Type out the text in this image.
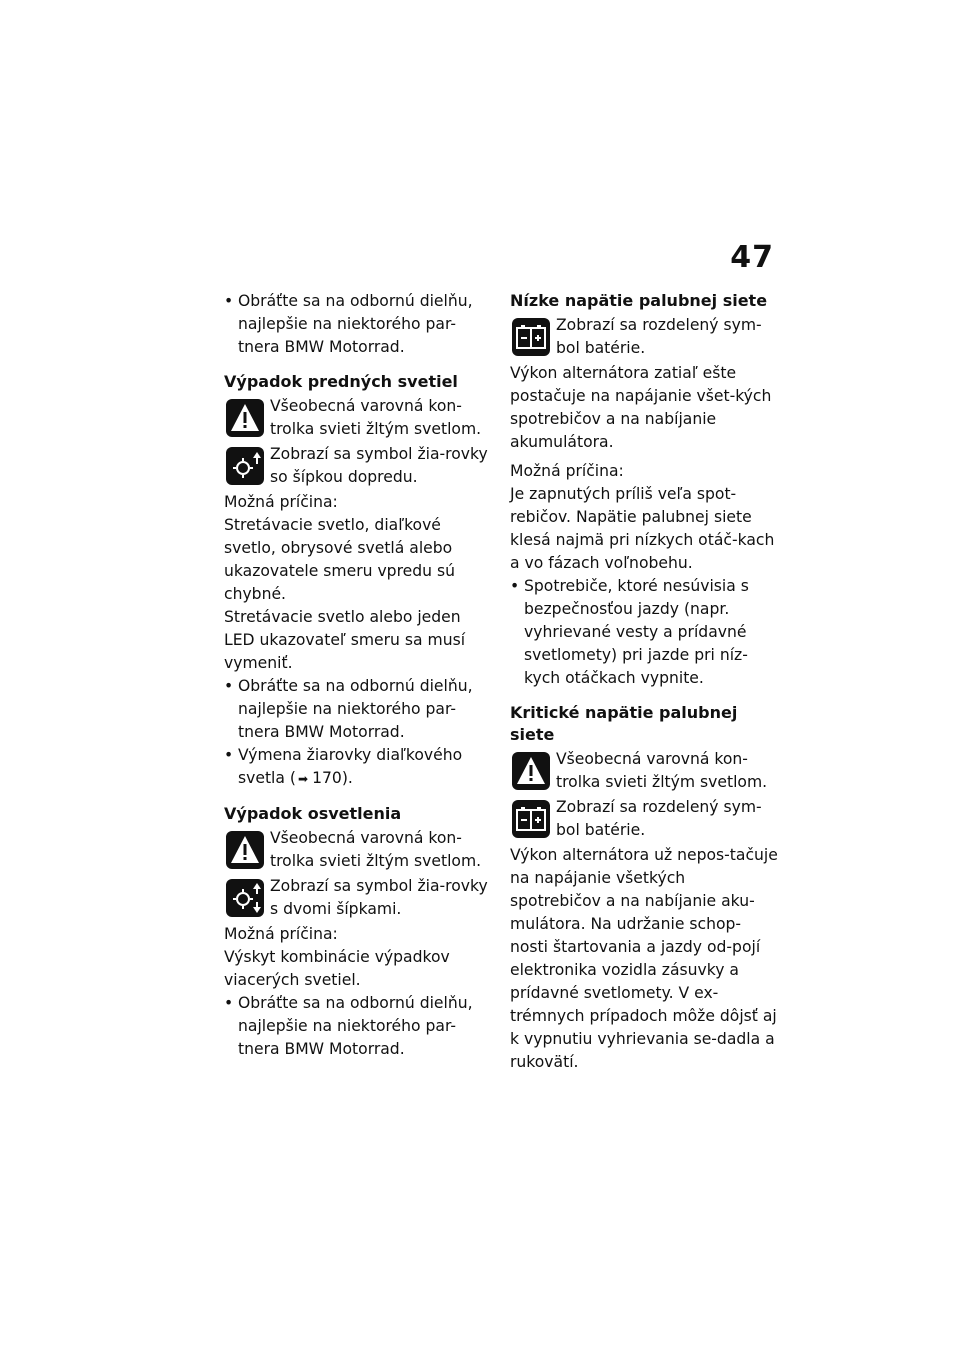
47

• Obráťte sa na odbornú dielňu, najlepšie na niektorého par-tnera BMW Motorrad.

Výpadok predných svetiel

Všeobecná varovná kon-trolka svieti žltým svetlom.

Zobrazí sa symbol žia-rovky so šípkou dopredu.

Možná príčina:

Stretávacie svetlo, diaľkové svetlo, obrysové svetlá alebo ukazovatele smeru vpredu sú chybné.

Stretávacie svetlo alebo jeden LED ukazovateľ smeru sa musí vymeniť.

• Obráťte sa na odbornú dielňu, najlepšie na niektorého par-tnera BMW Motorrad.

• Výmena žiarovky diaľkového svetla ( ➡ 170).

Výpadok osvetlenia

Všeobecná varovná kon-trolka svieti žltým svetlom.

Zobrazí sa symbol žia-rovky s dvomi šípkami.

Možná príčina:

Výskyt kombinácie výpadkov viacerých svetiel.

• Obráťte sa na odbornú dielňu, najlepšie na niektorého par-tnera BMW Motorrad.

Nízke napätie palubnej siete

Zobrazí sa rozdelený sym-bol batérie.

Výkon alternátora zatiaľ ešte postačuje na napájanie všet-kých spotrebičov a na nabíjanie akumulátora.

Možná príčina:

Je zapnutých príliš veľa spot-rebičov. Napätie palubnej siete klesá najmä pri nízkych otáč-kach a vo fázach voľnobehu.

• Spotrebiče, ktoré nesúvisia s bezpečnosťou jazdy (napr. vyhrievané vesty a prídavné svetlomety) pri jazde pri níz-kych otáčkach vypnite.

Kritické napätie palubnej siete

Všeobecná varovná kon-trolka svieti žltým svetlom.

Zobrazí sa rozdelený sym-bol batérie.

Výkon alternátora už nepos-tačuje na napájanie všetkých spotrebičov a na nabíjanie aku-mulátora. Na udržanie schop-nosti štartovania a jazdy od-pojí elektronika vozidla zásuvky a prídavné svetlomety. V ex-trémnych prípadoch môže dôjsť aj k vypnutiu vyhrievania se-dadla a rukovätí.
